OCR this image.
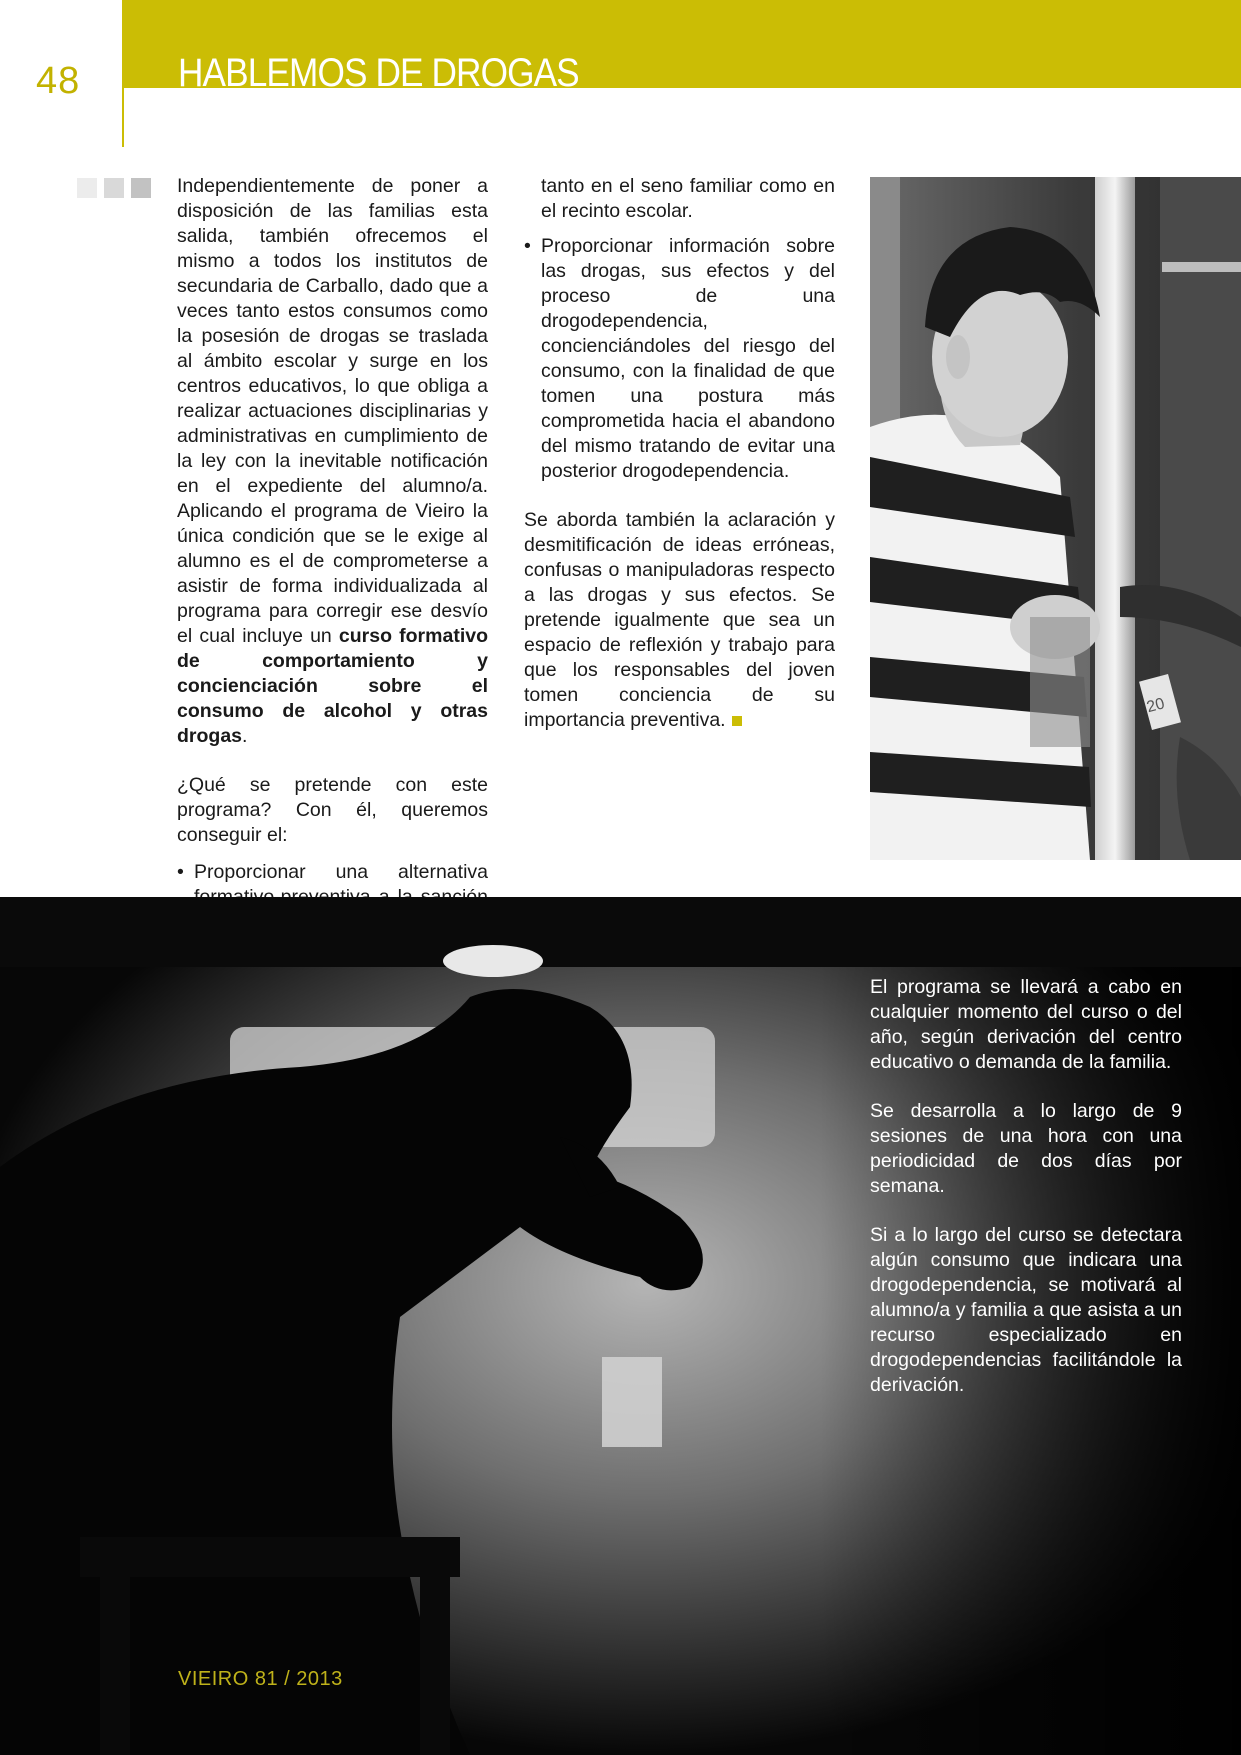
48 HABLEMOS DE DROGAS

Independientemente de poner a disposición de las familias esta salida, también ofrecemos el mismo a todos los institutos de secundaria de Carballo, dado que a veces tanto estos consumos como la posesión de drogas se traslada al ámbito escolar y surge en los centros educativos, lo que obliga a realizar actuaciones disciplinarias y administrativas en cumplimiento de la ley con la inevitable notificación en el expediente del alumno/a. Aplicando el programa de Vieiro la única condición que se le exige al alumno es el de comprometerse a asistir de forma individualizada al programa para corregir ese desvío el cual incluye un curso formativo de comportamiento y concienciación sobre el consumo de alcohol y otras drogas.

¿Qué se pretende con este programa? Con él, queremos conseguir el:

• Proporcionar una alternativa
tanto en el seno familiar como en el recinto escolar.
• Proporcionar información sobre las drogas, sus efectos y del proceso de una drogodependencia, concienciándoles del riesgo del consumo, con la finalidad de que tomen una postura más comprometida hacia el abandono del mismo tratando de evitar una posterior drogodependencia.

Se aborda también la aclaración y desmitificación de ideas erróneas, confusas o manipuladoras respecto a las drogas y sus efectos. Se pretende igualmente que sea un espacio de reflexión y trabajo para que los responsables del joven tomen conciencia de su importancia preventiva.

20

El programa se llevará a cabo en cualquier momento del curso o del año, según derivación del centro educativo o demanda de la familia.

Se desarrolla a lo largo de 9 sesiones de una hora con una periodicidad de dos días por semana.

Si a lo largo del curso se detectara algún consumo que indicara una drogodependencia, se motivará al alumno/a y familia a que asista a un recurso especializado en drogodependencias facilitándole la derivación.

VIEIRO 81 / 2013
